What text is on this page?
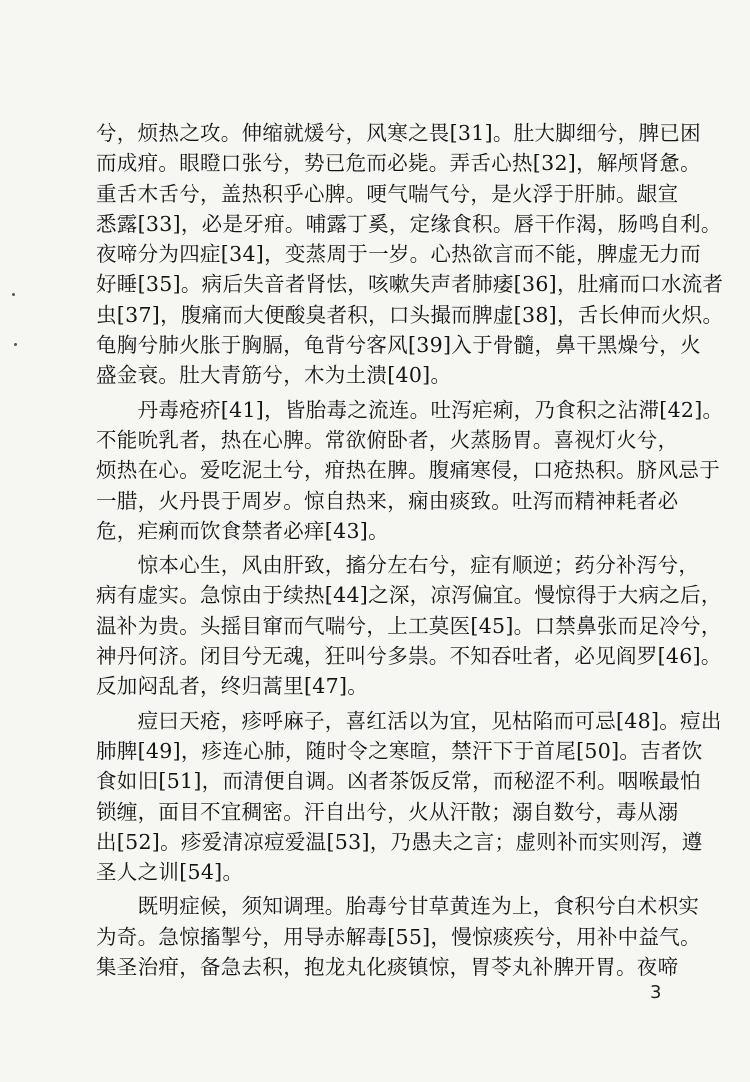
兮，烦热之攻。伸缩就煖兮，风寒之畏[31]。肚大脚细兮，脾已困
而成疳。眼瞪口张兮，势已危而必毙。弄舌心热[32]，解颅肾惫。
重舌木舌兮，盖热积乎心脾。哽气喘气兮，是火浮于肝肺。龈宣
悉露[33]，必是牙疳。哺露丁奚，定缘食积。唇干作渴，肠鸣自利。
夜啼分为四症[34]，变蒸周于一岁。心热欲言而不能，脾虚无力而
好睡[35]。病后失音者肾怯，咳嗽失声者肺痿[36]，肚痛而口水流者
虫[37]，腹痛而大便酸臭者积，口头撮而脾虚[38]，舌长伸而火炽。
龟胸兮肺火胀于胸膈，龟背兮客风[39]入于骨髓，鼻干黑燥兮，火
盛金衰。肚大青筋兮，木为土溃[40]。
　　丹毒疮疥[41]，皆胎毒之流连。吐泻疟痢，乃食积之沾滞[42]。
不能吮乳者，热在心脾。常欲俯卧者，火蒸肠胃。喜视灯火兮，
烦热在心。爱吃泥土兮，疳热在脾。腹痛寒侵，口疮热积。脐风忌于
一腊，火丹畏于周岁。惊自热来，痫由痰致。吐泻而精神耗者必
危，疟痢而饮食禁者必痒[43]。
　　惊本心生，风由肝致，搐分左右兮，症有顺逆；药分补泻兮，
病有虚实。急惊由于续热[44]之深，凉泻偏宜。慢惊得于大病之后，
温补为贵。头摇目窜而气喘兮，上工莫医[45]。口禁鼻张而足冷兮，
神丹何济。闭目兮无魂，狂叫兮多祟。不知吞吐者，必见阎罗[46]。
反加闷乱者，终归蒿里[47]。
　　痘曰天疮，疹呼麻子，喜红活以为宜，见枯陷而可忌[48]。痘出
肺脾[49]，疹连心肺，随时令之寒暄，禁汗下于首尾[50]。吉者饮
食如旧[51]，而清便自调。凶者茶饭反常，而秘涩不利。咽喉最怕
锁缠，面目不宜稠密。汗自出兮，火从汗散；溺自数兮，毒从溺
出[52]。疹爱清凉痘爱温[53]，乃愚夫之言；虚则补而实则泻，遵
圣人之训[54]。
　　既明症候，须知调理。胎毒兮甘草黄连为上，食积兮白术枳实
为奇。急惊搐掣兮，用导赤解毒[55]，慢惊痰疾兮，用补中益气。
集圣治疳，备急去积，抱龙丸化痰镇惊，胃苓丸补脾开胃。夜啼
3
